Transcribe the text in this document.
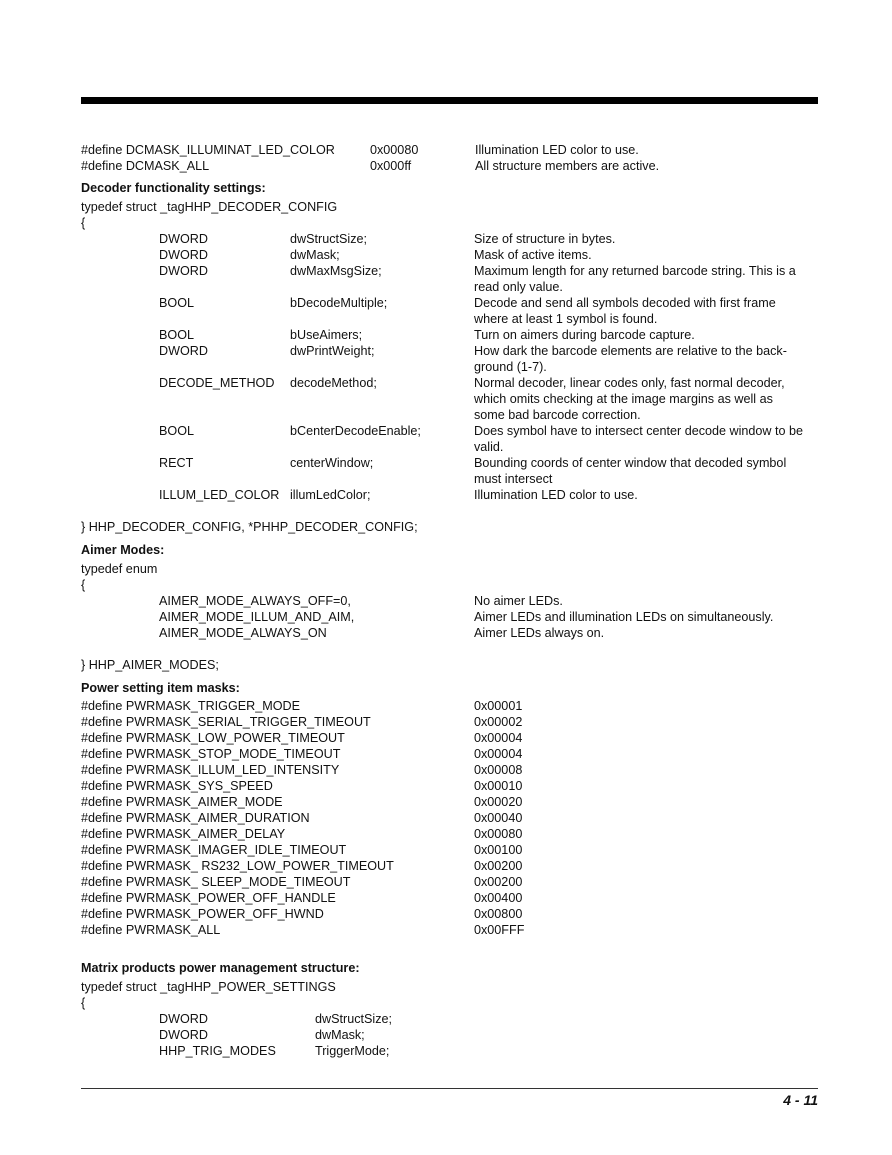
#define DCMASK_ILLUMINAT_LED_COLOR	0x00080	Illumination LED color to use.
#define DCMASK_ALL	0x000ff	All structure members are active.
Decoder functionality settings:
typedef struct _tagHHP_DECODER_CONFIG
{
DWORD	dwStructSize;	Size of structure in bytes.
DWORD	dwMask;	Mask of active items.
DWORD	dwMaxMsgSize;	Maximum length for any returned barcode string. This is a
read only value.
BOOL	bDecodeMultiple;	Decode and send all symbols decoded with first frame
where at least 1 symbol is found.
BOOL	bUseAimers;	Turn on aimers during barcode capture.
DWORD	dwPrintWeight;	How dark the barcode elements are relative to the back-
ground (1-7).
DECODE_METHOD decodeMethod;	Normal decoder, linear codes only, fast normal decoder,
which omits checking at the image margins as well as
some bad barcode correction.
BOOL	bCenterDecodeEnable;	Does symbol have to intersect center decode window to be
valid.
RECT	centerWindow;	Bounding coords of center window that decoded symbol
must intersect
ILLUM_LED_COLOR illumLedColor;	Illumination LED color to use.
} HHP_DECODER_CONFIG, *PHHP_DECODER_CONFIG;
Aimer Modes:
typedef enum
{
AIMER_MODE_ALWAYS_OFF=0,	No aimer LEDs.
AIMER_MODE_ILLUM_AND_AIM,	Aimer LEDs and illumination LEDs on simultaneously.
AIMER_MODE_ALWAYS_ON	Aimer LEDs always on.
} HHP_AIMER_MODES;
Power setting item masks:
#define PWRMASK_TRIGGER_MODE	0x00001
#define PWRMASK_SERIAL_TRIGGER_TIMEOUT	0x00002
#define PWRMASK_LOW_POWER_TIMEOUT	0x00004
#define PWRMASK_STOP_MODE_TIMEOUT	0x00004
#define PWRMASK_ILLUM_LED_INTENSITY	0x00008
#define PWRMASK_SYS_SPEED	0x00010
#define PWRMASK_AIMER_MODE	0x00020
#define PWRMASK_AIMER_DURATION	0x00040
#define PWRMASK_AIMER_DELAY	0x00080
#define PWRMASK_IMAGER_IDLE_TIMEOUT	0x00100
#define PWRMASK_ RS232_LOW_POWER_TIMEOUT	0x00200
#define PWRMASK_ SLEEP_MODE_TIMEOUT	0x00200
#define PWRMASK_POWER_OFF_HANDLE	0x00400
#define PWRMASK_POWER_OFF_HWND	0x00800
#define PWRMASK_ALL	0x00FFF
Matrix products power management structure:
typedef struct _tagHHP_POWER_SETTINGS
{
DWORD	dwStructSize;
DWORD	dwMask;
HHP_TRIG_MODES	TriggerMode;
4 - 11
